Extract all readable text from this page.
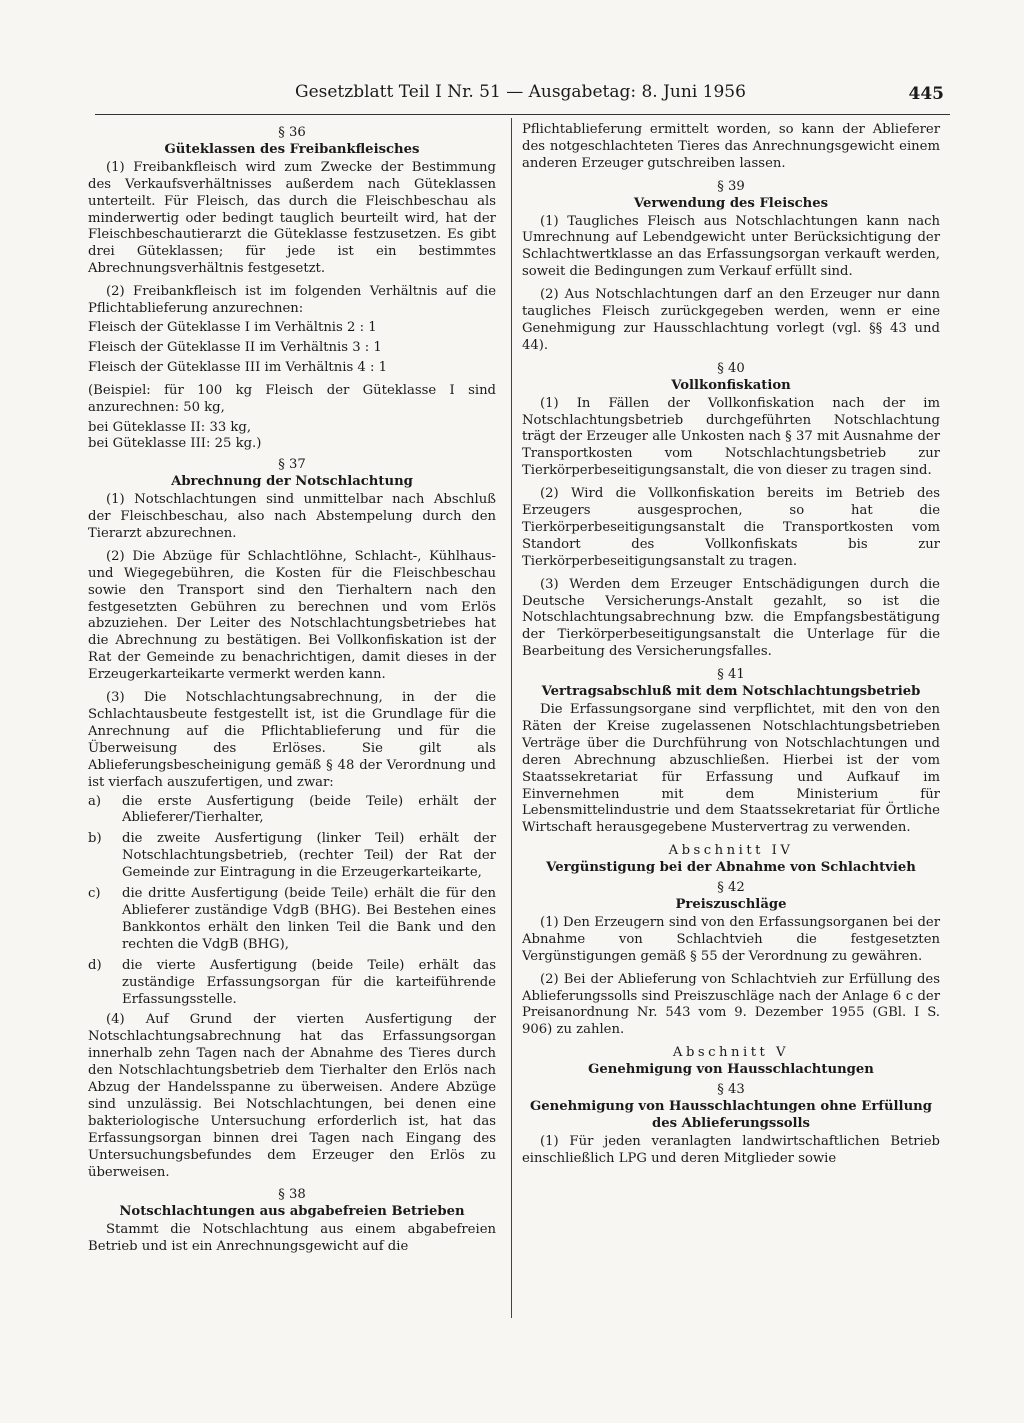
Gesetzblatt Teil I Nr. 51 — Ausgabetag: 8. Juni 1956	445
§ 36
Güteklassen des Freibankfleisches

(1) Freibankfleisch wird zum Zwecke der Bestimmung des Verkaufsverhältnisses außerdem nach Güteklassen unterteilt. Für Fleisch, das durch die Fleischbeschau als minderwertig oder bedingt tauglich beurteilt wird, hat der Fleischbeschautierarzt die Güteklasse festzusetzen. Es gibt drei Güteklassen; für jede ist ein bestimmtes Abrechnungsverhältnis festgesetzt.

(2) Freibankfleisch ist im folgenden Verhältnis auf die Pflichtablieferung anzurechnen:

Fleisch der Güteklasse I im Verhältnis 2 : 1
Fleisch der Güteklasse II im Verhältnis 3 : 1
Fleisch der Güteklasse III im Verhältnis 4 : 1
(Beispiel: für 100 kg Fleisch der Güteklasse I sind anzurechnen: 50 kg,
bei Güteklasse II: 33 kg,
bei Güteklasse III: 25 kg.)
§ 37
Abrechnung der Notschlachtung

(1) Notschlachtungen sind unmittelbar nach Abschluß der Fleischbeschau, also nach Abstempelung durch den Tierarzt abzurechnen.

(2) Die Abzüge für Schlachtlöhne, Schlacht-, Kühlhaus- und Wiegegebühren, die Kosten für die Fleischbeschau sowie den Transport sind den Tierhaltern nach den festgesetzten Gebühren zu berechnen und vom Erlös abzuziehen. Der Leiter des Notschlachtungsbetriebes hat die Abrechnung zu bestätigen. Bei Vollkonfiskation ist der Rat der Gemeinde zu benachrichtigen, damit dieses in der Erzeugerkarteikarte vermerkt werden kann.

(3) Die Notschlachtungsabrechnung, in der die Schlachtausbeute festgestellt ist, ist die Grundlage für die Anrechnung auf die Pflichtablieferung und für die Überweisung des Erlöses. Sie gilt als Ablieferungsbescheinigung gemäß § 48 der Verordnung und ist vierfach auszufertigen, und zwar:

a)	die erste Ausfertigung (beide Teile) erhält der Ablieferer/Tierhalter,
b)	die zweite Ausfertigung (linker Teil) erhält der Notschlachtungsbetrieb, (rechter Teil) der Rat der Gemeinde zur Eintragung in die Erzeugerkarteikarte,
c)	die dritte Ausfertigung (beide Teile) erhält die für den Ablieferer zuständige VdgB (BHG). Bei Bestehen eines Bankkontos erhält den linken Teil die Bank und den rechten die VdgB (BHG),
d)	die vierte Ausfertigung (beide Teile) erhält das zuständige Erfassungsorgan für die karteiführende Erfassungsstelle.

(4) Auf Grund der vierten Ausfertigung der Notschlachtungsabrechnung hat das Erfassungsorgan innerhalb zehn Tagen nach der Abnahme des Tieres durch den Notschlachtungsbetrieb dem Tierhalter den Erlös nach Abzug der Handelsspanne zu überweisen. Andere Abzüge sind unzulässig. Bei Notschlachtungen, bei denen eine bakteriologische Untersuchung erforderlich ist, hat das Erfassungsorgan binnen drei Tagen nach Eingang des Untersuchungsbefundes dem Erzeuger den Erlös zu überweisen.

§ 38
Notschlachtungen aus abgabefreien Betrieben

Stammt die Notschlachtung aus einem abgabefreien Betrieb und ist ein Anrechnungsgewicht auf die

Pflichtablieferung ermittelt worden, so kann der Ablieferer des notgeschlachteten Tieres das Anrechnungsgewicht einem anderen Erzeuger gutschreiben lassen.

§ 39
Verwendung des Fleisches

(1) Taugliches Fleisch aus Notschlachtungen kann nach Umrechnung auf Lebendgewicht unter Berücksichtigung der Schlachtwertklasse an das Erfassungsorgan verkauft werden, soweit die Bedingungen zum Verkauf erfüllt sind.

(2) Aus Notschlachtungen darf an den Erzeuger nur dann taugliches Fleisch zurückgegeben werden, wenn er eine Genehmigung zur Hausschlachtung vorlegt (vgl. §§ 43 und 44).

§ 40
Vollkonfiskation

(1) In Fällen der Vollkonfiskation nach der im Notschlachtungsbetrieb durchgeführten Notschlachtung trägt der Erzeuger alle Unkosten nach § 37 mit Ausnahme der Transportkosten vom Notschlachtungsbetrieb zur Tierkörperbeseitigungsanstalt, die von dieser zu tragen sind.

(2) Wird die Vollkonfiskation bereits im Betrieb des Erzeugers ausgesprochen, so hat die Tierkörperbeseitigungsanstalt die Transportkosten vom Standort des Vollkonfiskats bis zur Tierkörperbeseitigungsanstalt zu tragen.

(3) Werden dem Erzeuger Entschädigungen durch die Deutsche Versicherungs-Anstalt gezahlt, so ist die Notschlachtungsabrechnung bzw. die Empfangsbestätigung der Tierkörperbeseitigungsanstalt die Unterlage für die Bearbeitung des Versicherungsfalles.

§ 41
Vertragsabschluß mit dem Notschlachtungsbetrieb

Die Erfassungsorgane sind verpflichtet, mit den von den Räten der Kreise zugelassenen Notschlachtungsbetrieben Verträge über die Durchführung von Notschlachtungen und deren Abrechnung abzuschließen. Hierbei ist der vom Staatssekretariat für Erfassung und Aufkauf im Einvernehmen mit dem Ministerium für Lebensmittelindustrie und dem Staatssekretariat für Örtliche Wirtschaft herausgegebene Mustervertrag zu verwenden.

Abschnitt IV
Vergünstigung bei der Abnahme von Schlachtvieh
§ 42
Preiszuschläge

(1) Den Erzeugern sind von den Erfassungsorganen bei der Abnahme von Schlachtvieh die festgesetzten Vergünstigungen gemäß § 55 der Verordnung zu gewähren.

(2) Bei der Ablieferung von Schlachtvieh zur Erfüllung des Ablieferungssolls sind Preiszuschläge nach der Anlage 6 c der Preisanordnung Nr. 543 vom 9. Dezember 1955 (GBl. I S. 906) zu zahlen.

Abschnitt V
Genehmigung von Hausschlachtungen
§ 43
Genehmigung von Hausschlachtungen ohne Erfüllung des Ablieferungssolls

(1) Für jeden veranlagten landwirtschaftlichen Betrieb einschließlich LPG und deren Mitglieder sowie
